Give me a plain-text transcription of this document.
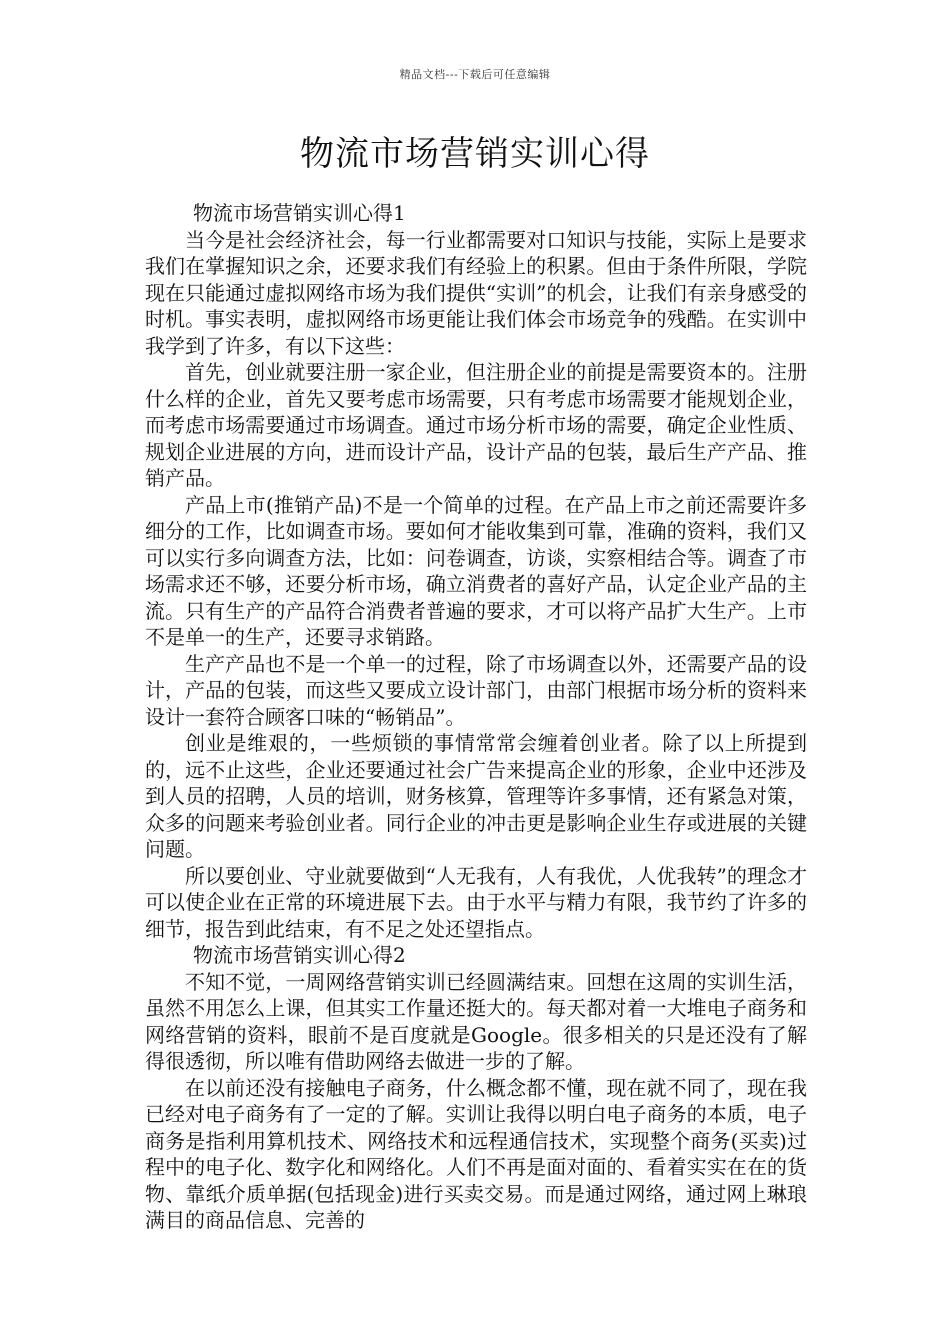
精品文档---下载后可任意编辑
物流市场营销实训心得

物流市场营销实训心得1

当今是社会经济社会，每一行业都需要对口知识与技能，实际上是要求我们在掌握知识之余，还要求我们有经验上的积累。但由于条件所限，学院现在只能通过虚拟网络市场为我们提供“实训”的机会，让我们有亲身感受的时机。事实表明，虚拟网络市场更能让我们体会市场竞争的残酷。在实训中我学到了许多，有以下这些：

首先，创业就要注册一家企业，但注册企业的前提是需要资本的。注册什么样的企业，首先又要考虑市场需要，只有考虑市场需要才能规划企业，而考虑市场需要通过市场调查。通过市场分析市场的需要，确定企业性质、规划企业进展的方向，进而设计产品，设计产品的包装，最后生产产品、推销产品。

产品上市(推销产品)不是一个简单的过程。在产品上市之前还需要许多细分的工作，比如调查市场。要如何才能收集到可靠，准确的资料，我们又可以实行多向调查方法，比如：问卷调查，访谈，实察相结合等。调查了市场需求还不够，还要分析市场，确立消费者的喜好产品，认定企业产品的主流。只有生产的产品符合消费者普遍的要求，才可以将产品扩大生产。上市不是单一的生产，还要寻求销路。

生产产品也不是一个单一的过程，除了市场调查以外，还需要产品的设计，产品的包装，而这些又要成立设计部门，由部门根据市场分析的资料来设计一套符合顾客口味的“畅销品”。

创业是维艰的，一些烦锁的事情常常会缠着创业者。除了以上所提到的，远不止这些，企业还要通过社会广告来提高企业的形象，企业中还涉及到人员的招聘，人员的培训，财务核算，管理等许多事情，还有紧急对策，众多的问题来考验创业者。同行企业的冲击更是影响企业生存或进展的关键问题。

所以要创业、守业就要做到“人无我有，人有我优，人优我转”的理念才可以使企业在正常的环境进展下去。由于水平与精力有限，我节约了许多的细节，报告到此结束，有不足之处还望指点。

物流市场营销实训心得2

不知不觉，一周网络营销实训已经圆满结束。回想在这周的实训生活，虽然不用怎么上课，但其实工作量还挺大的。每天都对着一大堆电子商务和网络营销的资料，眼前不是百度就是Google。很多相关的只是还没有了解得很透彻，所以唯有借助网络去做进一步的了解。

在以前还没有接触电子商务，什么概念都不懂，现在就不同了，现在我已经对电子商务有了一定的了解。实训让我得以明白电子商务的本质，电子商务是指利用算机技术、网络技术和远程通信技术，实现整个商务(买卖)过程中的电子化、数字化和网络化。人们不再是面对面的、看着实实在在的货物、靠纸介质单据(包括现金)进行买卖交易。而是通过网络，通过网上琳琅满目的商品信息、完善的
